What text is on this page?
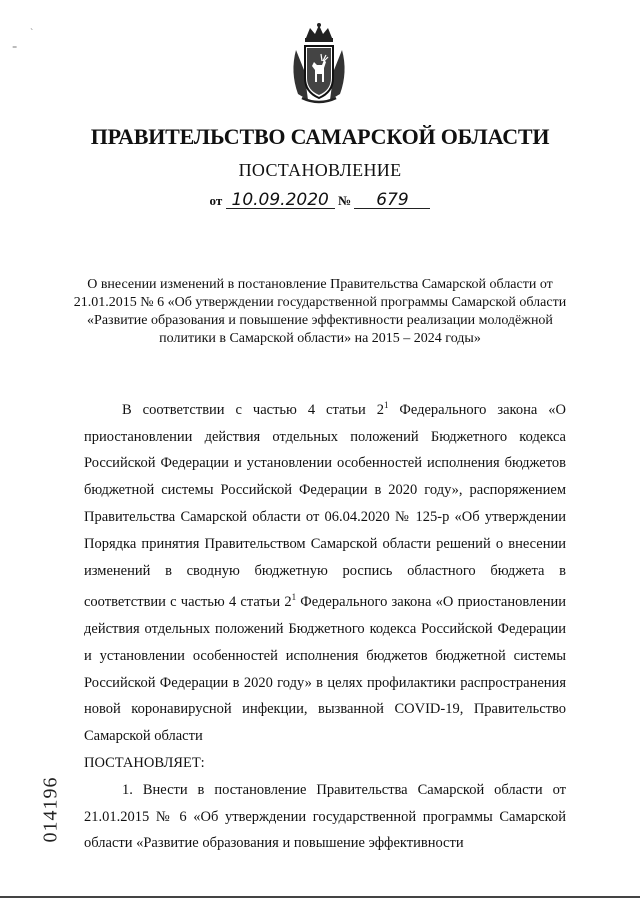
ПРАВИТЕЛЬСТВО САМАРСКОЙ ОБЛАСТИ
ПОСТАНОВЛЕНИЕ
от 10.09.2020 № 679
О внесении изменений в постановление Правительства Самарской области от 21.01.2015 № 6 «Об утверждении государственной программы Самарской области «Развитие образования и повышение эффективности реализации молодёжной политики в Самарской области» на 2015 – 2024 годы»

В соответствии с частью 4 статьи $2^1$ Федерального закона «О приостановлении действия отдельных положений Бюджетного кодекса Российской Федерации и установлении особенностей исполнения бюджетов бюджетной системы Российской Федерации в 2020 году», распоряжением Правительства Самарской области от 06.04.2020 № 125-р «Об утверждении Порядка принятия Правительством Самарской области решений о внесении изменений в сводную бюджетную роспись областного бюджета в соответствии с частью 4 статьи $2^1$ Федерального закона «О приостановлении действия отдельных положений Бюджетного кодекса Российской Федерации и установлении особенностей исполнения бюджетов бюджетной системы Российской Федерации в 2020 году» в целях профилактики распространения новой коронавирусной инфекции, вызванной COVID-19, Правительство Самарской области

ПОСТАНОВЛЯЕТ:

1. Внести в постановление Правительства Самарской области от 21.01.2015 № 6 «Об утверждении государственной программы Самарской области «Развитие образования и повышение эффективности

014196
ˋ
⁼
